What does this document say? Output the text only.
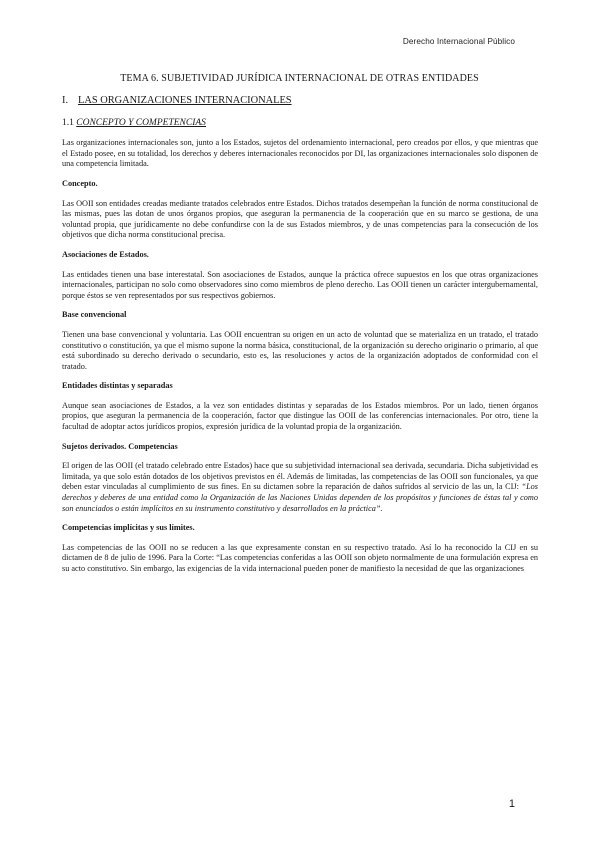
Derecho Internacional Público
TEMA 6. SUBJETIVIDAD JURÍDICA INTERNACIONAL DE OTRAS ENTIDADES
I. LAS ORGANIZACIONES INTERNACIONALES
1.1 CONCEPTO Y COMPETENCIAS

Las organizaciones internacionales son, junto a los Estados, sujetos del ordenamiento internacional, pero creados por ellos, y que mientras que el Estado posee, en su totalidad, los derechos y deberes internacionales reconocidos por DI, las organizaciones internacionales solo disponen de una competencia limitada.

Concepto.

Las OOII son entidades creadas mediante tratados celebrados entre Estados. Dichos tratados desempeñan la función de norma constitucional de las mismas, pues las dotan de unos órganos propios, que aseguran la permanencia de la cooperación que en su marco se gestiona, de una voluntad propia, que jurídicamente no debe confundirse con la de sus Estados miembros, y de unas competencias para la consecución de los objetivos que dicha norma constitucional precisa.

Asociaciones de Estados.

Las entidades tienen una base interestatal. Son asociaciones de Estados, aunque la práctica ofrece supuestos en los que otras organizaciones internacionales, participan no solo como observadores sino como miembros de pleno derecho. Las OOII tienen un carácter intergubernamental, porque éstos se ven representados por sus respectivos gobiernos.

Base convencional

Tienen una base convencional y voluntaria. Las OOII encuentran su origen en un acto de voluntad que se materializa en un tratado, el tratado constitutivo o constitución, ya que el mismo supone la norma básica, constitucional, de la organización su derecho originario o primario, al que está subordinado su derecho derivado o secundario, esto es, las resoluciones y actos de la organización adoptados de conformidad con el tratado.

Entidades distintas y separadas

Aunque sean asociaciones de Estados, a la vez son entidades distintas y separadas de los Estados miembros. Por un lado, tienen órganos propios, que aseguran la permanencia de la cooperación, factor que distingue las OOII de las conferencias internacionales. Por otro, tiene la facultad de adoptar actos jurídicos propios, expresión jurídica de la voluntad propia de la organización.

Sujetos derivados. Competencias

El origen de las OOII (el tratado celebrado entre Estados) hace que su subjetividad internacional sea derivada, secundaria. Dicha subjetividad es limitada, ya que solo están dotados de los objetivos previstos en él. Además de limitadas, las competencias de las OOII son funcionales, ya que deben estar vinculadas al cumplimiento de sus fines. En su dictamen sobre la reparación de daños sufridos al servicio de las un, la CIJ: “Los derechos y deberes de una entidad como la Organización de las Naciones Unidas dependen de los propósitos y funciones de éstas tal y como son enunciados o están implícitos en su instrumento constitutivo y desarrollados en la práctica”.

Competencias implícitas y sus límites.

Las competencias de las OOII no se reducen a las que expresamente constan en su respectivo tratado. Así lo ha reconocido la CIJ en su dictamen de 8 de julio de 1996. Para la Corte: “Las competencias conferidas a las OOII son objeto normalmente de una formulación expresa en su acto constitutivo. Sin embargo, las exigencias de la vida internacional pueden poner de manifiesto la necesidad de que las organizaciones

1
